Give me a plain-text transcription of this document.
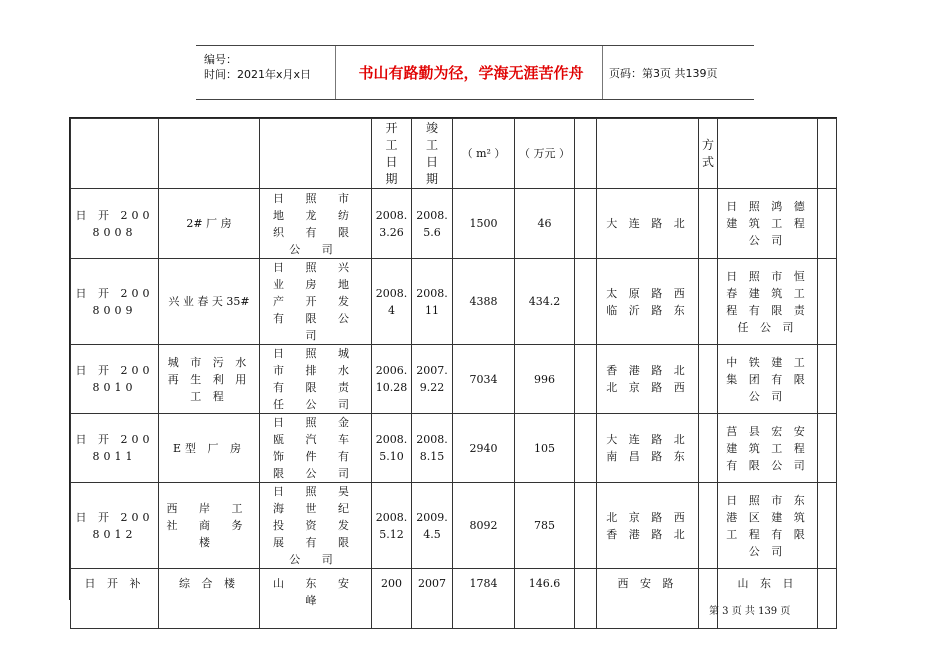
编号：
时间：2021年x月x日	书山有路勤为径，学海无涯苦作舟	页码：第3页 共139页

			开工日期	竣工日期	（ m² ）	（ 万元 ）			方式		

日 开 2008008	2# 厂 房	日 照 市 地 龙 纺 织 有 限 公 司	2008.3.26	2008.5.6	1500	46		大 连 路 北		日 照 鸿 德 建 筑 工 程 公 司	
日 开 2008009	兴 业 春 天 35#	日 照 兴 业 房 地 产 开 发 有 限 公 司	2008.4	2008.11	4388	434.2		太 原 路 西 临 沂 路 东		日 照 市 恒 春 建 筑 工 程 有 限 责 任 公 司	
日 开 2008010	城 市 污 水 再 生 利 用 工 程	日 照 城 市 排 水 有 限 责 任 公 司	2006.10.28	2007.9.22	7034	996		香 港 路 北 北 京 路 西		中 铁 建 工 集 团 有 限 公 司	
日 开 2008011	E型 厂 房	日 照 金 瓯 汽 车 饰 件 有 限 公 司	2008.5.10	2008.8.15	2940	105		大 连 路 北 南 昌 路 东		莒 县 宏 安 建 筑 工 程 有 限 公 司	
日 开 2008012	西 岸 工 社 商 务 楼	日 照 昊 海 世 纪 投 资 发 展 有 限 公 司	2008.5.12	2009.4.5	8092	785		北 京 路 西 香 港 路 北		日 照 市 东 港 区 建 筑 工 程 有 限 公 司	
日 开 补	综 合 楼	山 东 安 峰	200	2007	1784	146.6		西 安 路		山 东 日	
第 3 页 共 139 页
